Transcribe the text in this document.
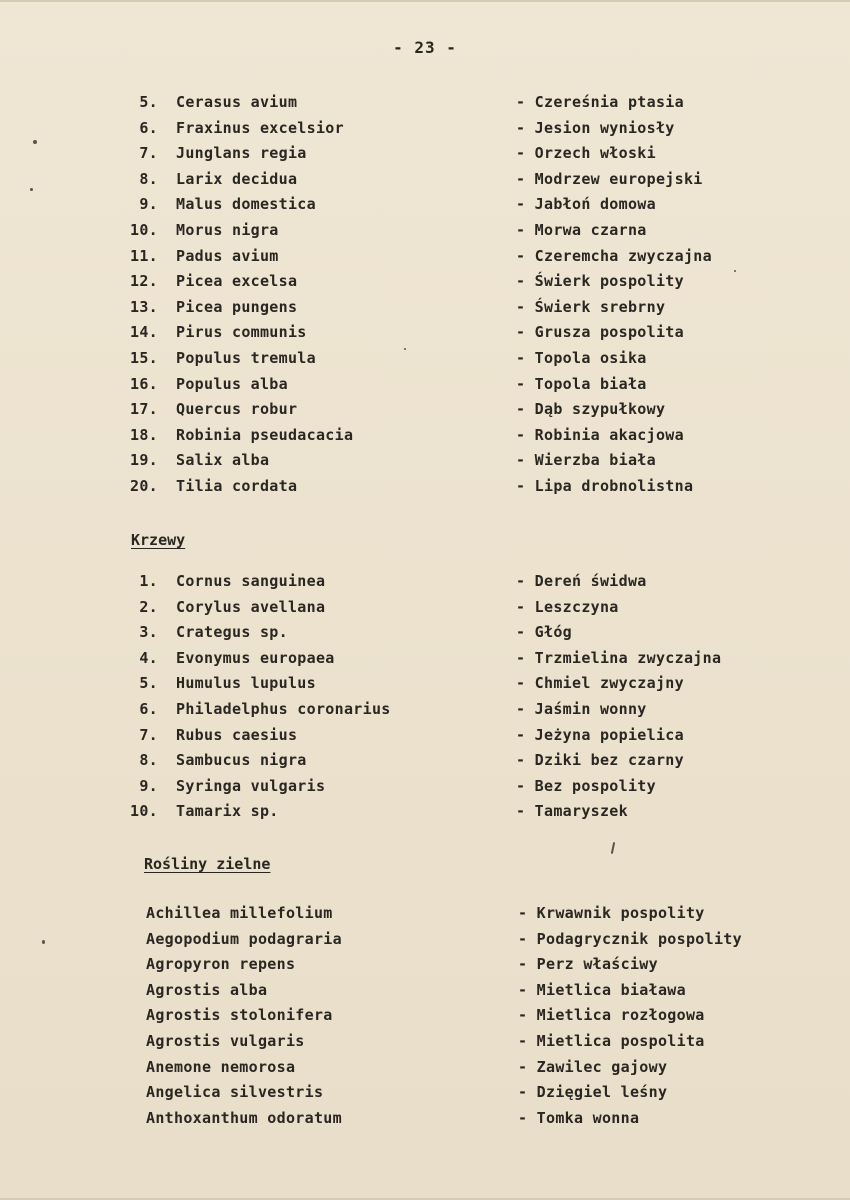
- 23 -
5. Cerasus avium	- Czereśnia ptasia
6. Fraxinus excelsior	- Jesion wyniosły
7. Junglans regia	- Orzech włoski
8. Larix decidua	- Modrzew europejski
9. Malus domestica	- Jabłoń domowa
10. Morus nigra	- Morwa czarna
11. Padus avium	- Czeremcha zwyczajna
12. Picea excelsa	- Świerk pospolity
13. Picea pungens	- Świerk srebrny
14. Pirus communis	- Grusza pospolita
15. Populus tremula	- Topola osika
16. Populus alba	- Topola biała
17. Quercus robur	- Dąb szypułkowy
18. Robinia pseudacacia	- Robinia akacjowa
19. Salix alba	- Wierzba biała
20. Tilia cordata	- Lipa drobnolistna
Krzewy
1. Cornus sanguinea	- Dereń świdwa
2. Corylus avellana	- Leszczyna
3. Crategus sp.	- Głóg
4. Evonymus europaea	- Trzmielina zwyczajna
5. Humulus lupulus	- Chmiel zwyczajny
6. Philadelphus coronarius	- Jaśmin wonny
7. Rubus caesius	- Jeżyna popielica
8. Sambucus nigra	- Dziki bez czarny
9. Syringa vulgaris	- Bez pospolity
10. Tamarix sp.	- Tamaryszek
Rośliny zielne
Achillea millefolium	- Krwawnik pospolity
Aegopodium podagraria	- Podagrycznik pospolity
Agropyron repens	- Perz właściwy
Agrostis alba	- Mietlica biaława
Agrostis stolonifera	- Mietlica rozłogowa
Agrostis vulgaris	- Mietlica pospolita
Anemone nemorosa	- Zawilec gajowy
Angelica silvestris	- Dzięgiel leśny
Anthoxanthum odoratum	- Tomka wonna
